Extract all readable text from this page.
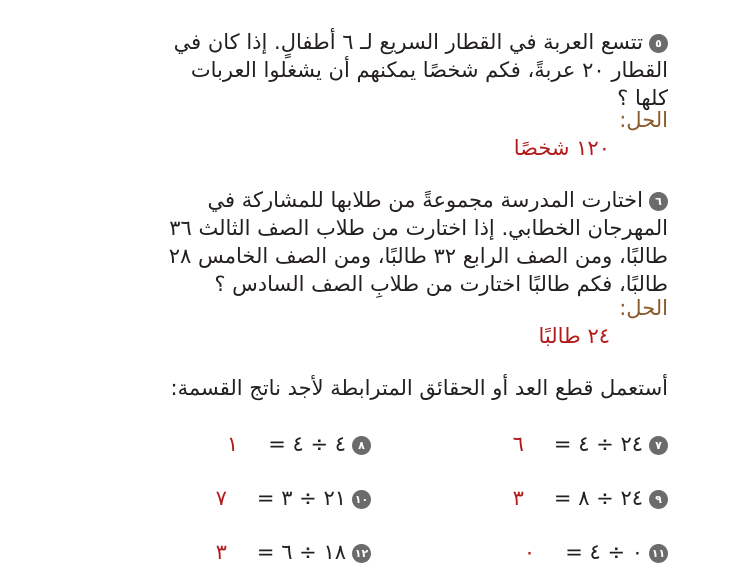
٥تتسع العربة في القطار السريع لـ ٦ أطفالٍ. إذا كان في
القطار ٢٠ عربةً، فكم شخصًا يمكنهم أن يشغلوا العربات
كلها ؟
الحل:
١٢٠ شخصًا
٦اختارت المدرسة مجموعةً من طلابها للمشاركة في
المهرجان الخطابي. إذا اختارت من طلاب الصف الثالث ٣٦
طالبًا، ومن الصف الرابع ٣٢ طالبًا، ومن الصف الخامس ٢٨
طالبًا، فكم طالبًا اختارت من طلابِ الصف السادس ؟
الحل:
٢٤ طالبًا
أستعمل قطع العد أو الحقائق المترابطة لأجد ناتج القسمة:
٧٢٤ ÷ ٤ =٦
٨٤ ÷ ٤ =١
٩٢٤ ÷ ٨ =٣
١٠٢١ ÷ ٣ =٧
١١٠ ÷ ٤ =٠
١٢١٨ ÷ ٦ =٣
